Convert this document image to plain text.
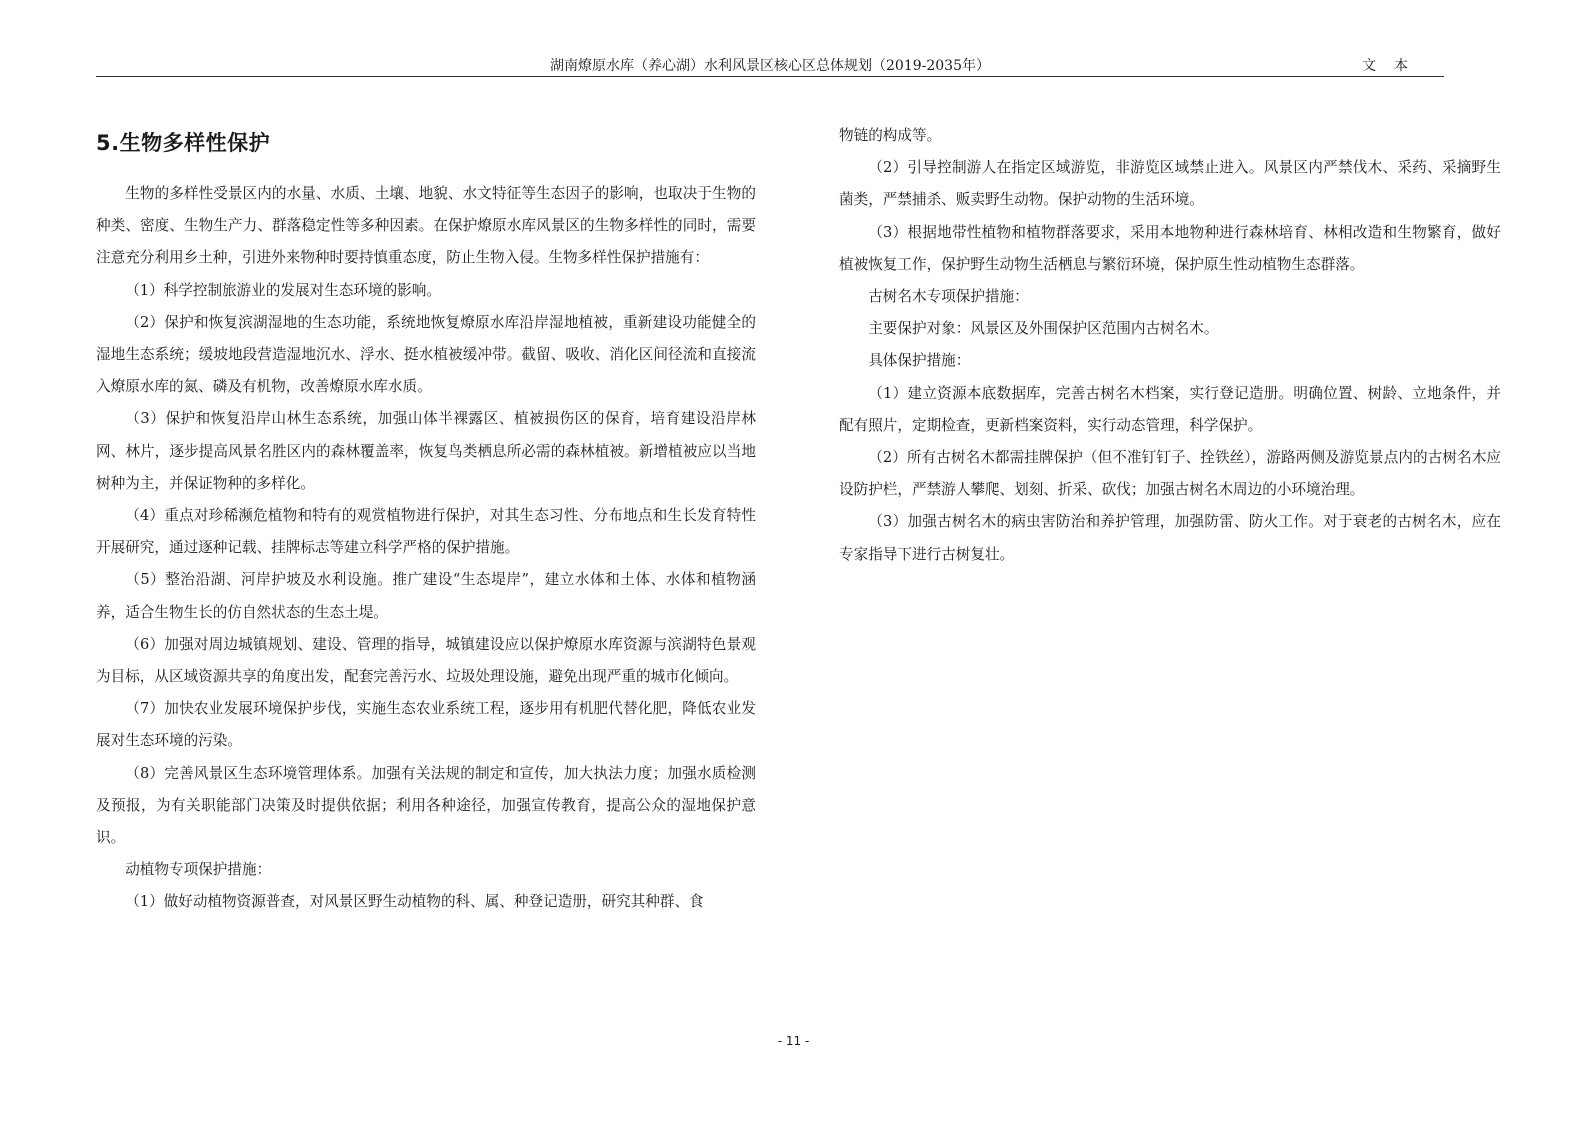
湖南燎原水库（养心湖）水利风景区核心区总体规划（2019-2035年）	文本
5.生物多样性保护

生物的多样性受景区内的水量、水质、土壤、地貌、水文特征等生态因子的影响，也取决于生物的种类、密度、生物生产力、群落稳定性等多种因素。在保护燎原水库风景区的生物多样性的同时，需要注意充分利用乡土种，引进外来物种时要持慎重态度，防止生物入侵。生物多样性保护措施有：

（1）科学控制旅游业的发展对生态环境的影响。

（2）保护和恢复滨湖湿地的生态功能，系统地恢复燎原水库沿岸湿地植被，重新建设功能健全的湿地生态系统；缓坡地段营造湿地沉水、浮水、挺水植被缓冲带。截留、吸收、消化区间径流和直接流入燎原水库的氮、磷及有机物，改善燎原水库水质。

（3）保护和恢复沿岸山林生态系统，加强山体半裸露区、植被损伤区的保育，培育建设沿岸林网、林片，逐步提高风景名胜区内的森林覆盖率，恢复鸟类栖息所必需的森林植被。新增植被应以当地树种为主，并保证物种的多样化。

（4）重点对珍稀濒危植物和特有的观赏植物进行保护，对其生态习性、分布地点和生长发育特性开展研究，通过逐种记载、挂牌标志等建立科学严格的保护措施。

（5）整治沿湖、河岸护坡及水利设施。推广建设“生态堤岸”，建立水体和土体、水体和植物涵养，适合生物生长的仿自然状态的生态土堤。

（6）加强对周边城镇规划、建设、管理的指导，城镇建设应以保护燎原水库资源与滨湖特色景观为目标，从区域资源共享的角度出发，配套完善污水、垃圾处理设施，避免出现严重的城市化倾向。

（7）加快农业发展环境保护步伐，实施生态农业系统工程，逐步用有机肥代替化肥，降低农业发展对生态环境的污染。

（8）完善风景区生态环境管理体系。加强有关法规的制定和宣传，加大执法力度；加强水质检测及预报，为有关职能部门决策及时提供依据；利用各种途径，加强宣传教育，提高公众的湿地保护意识。

动植物专项保护措施：

（1）做好动植物资源普查，对风景区野生动植物的科、属、种登记造册，研究其种群、食

物链的构成等。

（2）引导控制游人在指定区域游览，非游览区域禁止进入。风景区内严禁伐木、采药、采摘野生菌类，严禁捕杀、贩卖野生动物。保护动物的生活环境。

（3）根据地带性植物和植物群落要求，采用本地物种进行森林培育、林相改造和生物繁育，做好植被恢复工作，保护野生动物生活栖息与繁衍环境，保护原生性动植物生态群落。

古树名木专项保护措施：

主要保护对象：风景区及外围保护区范围内古树名木。

具体保护措施：

（1）建立资源本底数据库，完善古树名木档案，实行登记造册。明确位置、树龄、立地条件，并配有照片，定期检查，更新档案资料，实行动态管理，科学保护。

（2）所有古树名木都需挂牌保护（但不准钉钉子、拴铁丝），游路两侧及游览景点内的古树名木应设防护栏，严禁游人攀爬、划刻、折采、砍伐；加强古树名木周边的小环境治理。

（3）加强古树名木的病虫害防治和养护管理，加强防雷、防火工作。对于衰老的古树名木，应在专家指导下进行古树复壮。

- 11 -
